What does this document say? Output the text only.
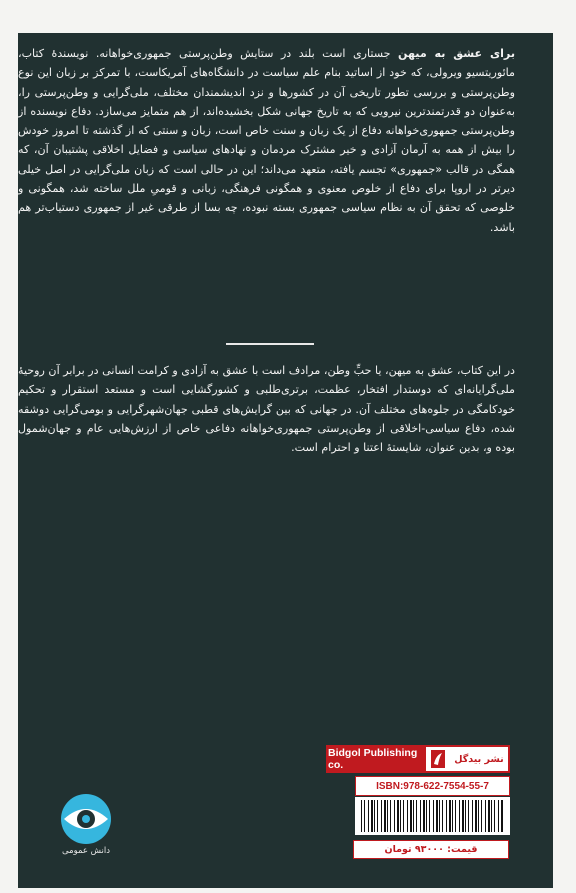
برای عشق به میهن جستاری است بلند در ستایش وطن‌پرستی جمهوری‌خواهانه. نویسندهٔ کتاب، مائوریتسیو ویرولی، که خود از اساتید بنام علم سیاست در دانشگاه‌های آمریکاست، با تمرکز بر زبان این نوع وطن‌پرستی و بررسی تطور تاریخی آن در کشورها و نزد اندیشمندان مختلف، ملی‌گرایی و وطن‌پرستی را، به‌عنوان دو قدرتمندترین نیرویی که به تاریخ جهانی شکل بخشیده‌اند، از هم متمایز می‌سازد. دفاع نویسنده از وطن‌پرستی جمهوری‌خواهانه دفاع از یک زبان و سنت خاص است، زبان و سنتی که از گذشته تا امروز خودش را بیش از همه به آرمان آزادی و خیر مشترک مردمان و نهادهای سیاسی و فضایل اخلاقی پشتیبان آن، که همگی در قالب «جمهوری» تجسم یافته، متعهد می‌داند؛ این در حالی است که زبان ملی‌گرایی در اصل خیلی دیرتر در اروپا برای دفاع از خلوص معنوی و همگونی فرهنگی، زبانی و قومیِ ملل ساخته شد، همگونی و خلوصی که تحقق آن به نظام سیاسی جمهوری بسته نبوده، چه بسا از طرقی غیر از جمهوری دستیاب‌تر هم باشد.

در این کتاب، عشق به میهن، یا حبِّ وطن، مرادف است با عشق به آزادی و کرامت انسانی در برابر آن روحیهٔ ملی‌گرایانه‌ای که دوستدار افتخار، عظمت، برتری‌طلبی و کشورگشایی است و مستعد استقرار و تحکیم خودکامگی در جلوه‌های مختلف آن. در جهانی که بین گرایش‌های قطبی جهان‌شهرگرایی و بومی‌گرایی دوشقه شده، دفاع سیاسی-اخلاقی از وطن‌پرستی جمهوری‌خواهانه دفاعی خاص از ارزش‌هایی عام و جهان‌شمول بوده و، بدین عنوان، شایستهٔ اعتنا و احترام است.

Bidgol Publishing co.	نشر بیدگل
ISBN:978-622-7554-55-7
قیمت: ۹۳۰۰۰ تومان
دانش عمومی
